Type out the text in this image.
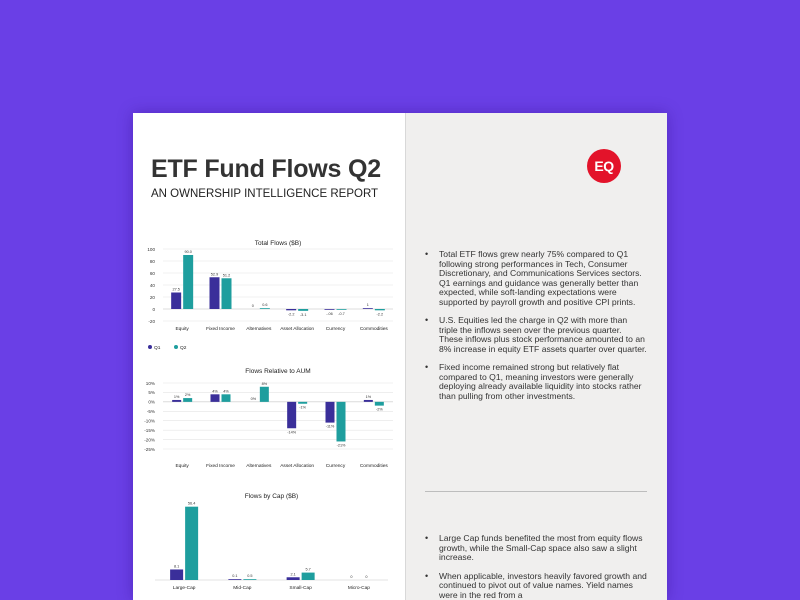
ETF Fund Flows Q2
AN OWNERSHIP INTELLIGENCE REPORT
Total Flows ($B)
-20
0
20
40
60
80
100
27.5
90.0
Equity
52.9 51.2
Fixed Income
0 0.6
Alternatives
-2.2 -3.1
Asset Allocation
-.06 -0.7
Currency
1
-2.2
Commodities
Q1	Q2
Flows Relative to AUM
10%
5%
0%
-5%
-10%
-15%
-20%
-25%
1% 2%
Equity
4% 4%
Fixed Income
0%
8%
Alternatives
-14%
-1%
Asset Allocation
-11%
-21%
Currency
1%
-2%
Commodities
Flows by Cap ($B)
8.1
56.4
Large-Cap
0.1	0.5
Mid-Cap
2.1
5.7
Small-Cap
0	0
Micro-Cap
EQ
• Total ETF flows grew nearly 75% compared to Q1 following strong performances in Tech, Consumer Discretionary, and Communications Services sectors. Q1 earnings and guidance was generally better than expected, while soft-landing expectations were supported by payroll growth and positive CPI prints.
• U.S. Equities led the charge in Q2 with more than triple the inflows seen over the previous quarter. These inflows plus stock performance amounted to an 8% increase in equity ETF assets quarter over quarter.
• Fixed income remained strong but relatively flat compared to Q1, meaning investors were generally deploying already available liquidity into stocks rather than pulling from other investments.
• Large Cap funds benefited the most from equity flows growth, while the Small-Cap space also saw a slight increase.
• When applicable, investors heavily favored growth and continued to pivot out of value names. Yield names were in the red from a
